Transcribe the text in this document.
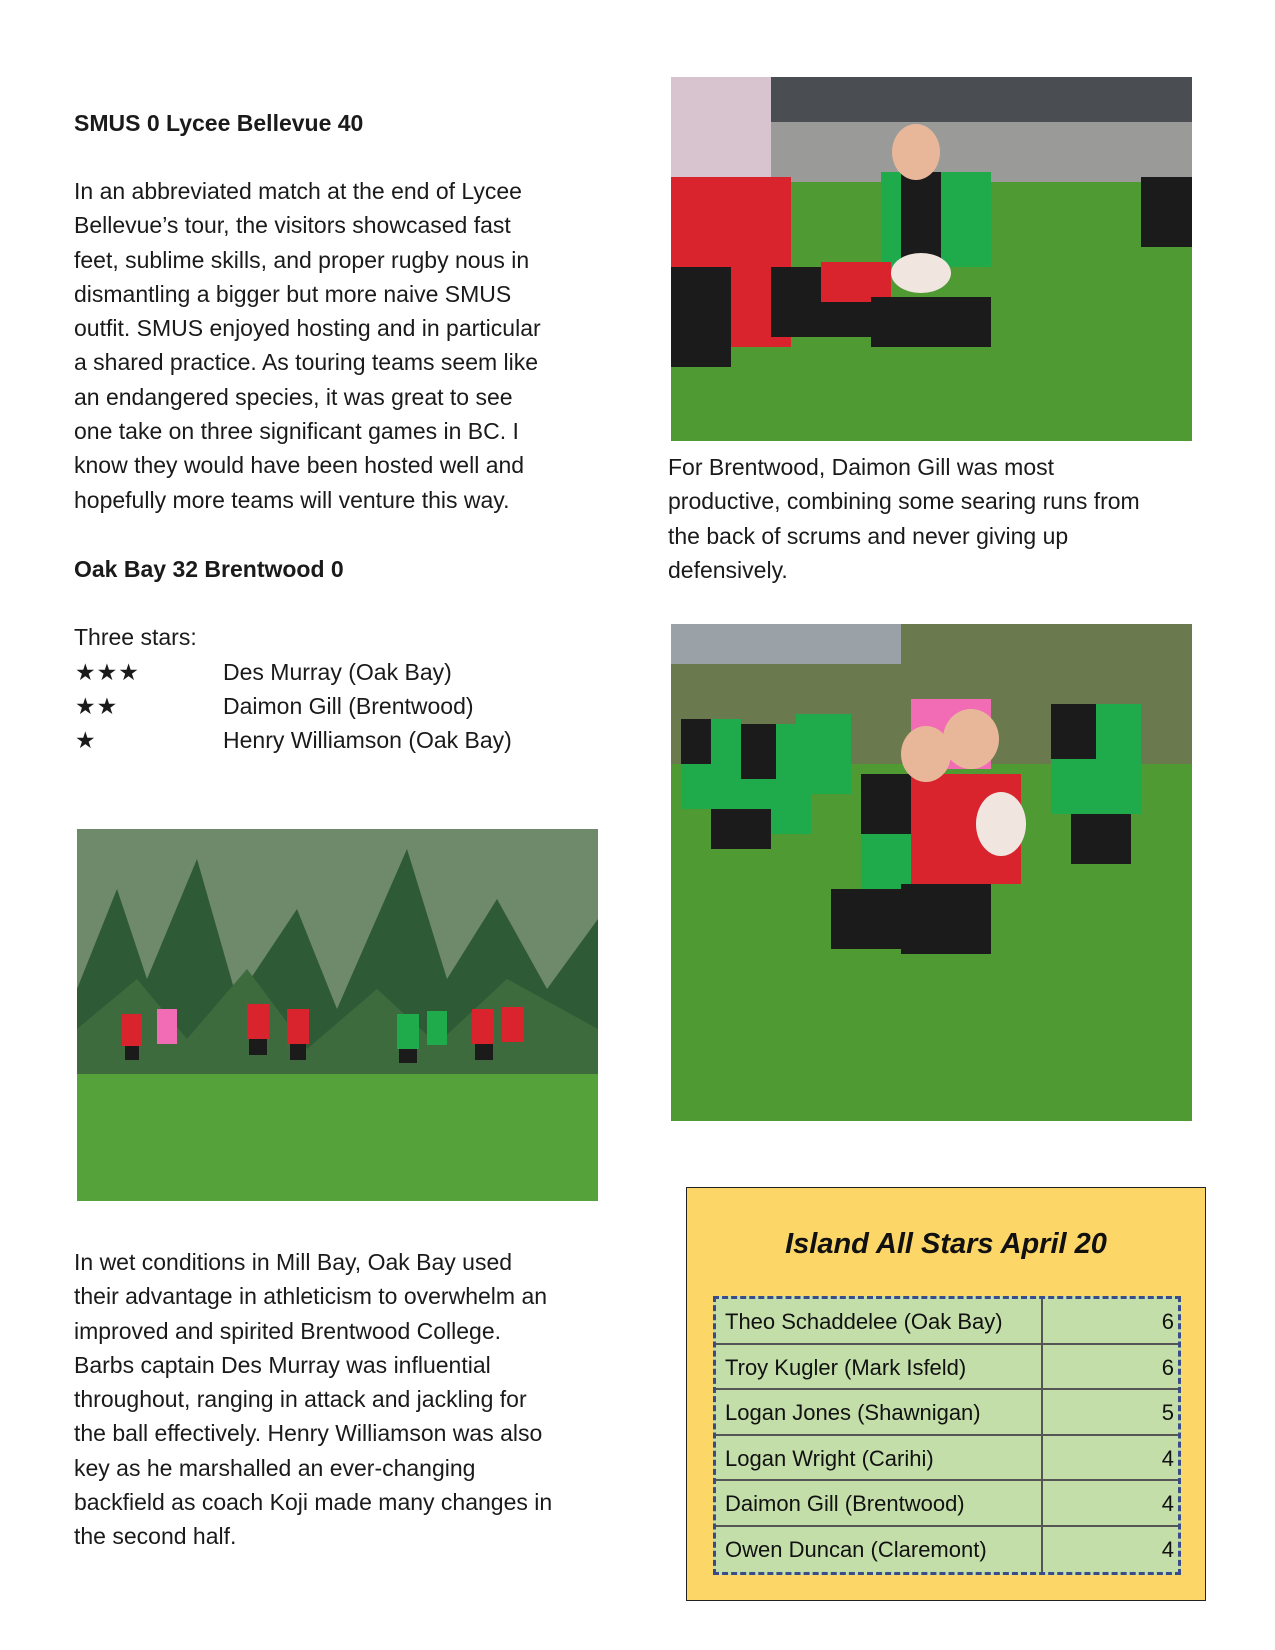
SMUS 0 Lycee Bellevue 40
In an abbreviated match at the end of Lycee
Bellevue’s tour, the visitors showcased fast
feet, sublime skills, and proper rugby nous in
dismantling a bigger but more naive SMUS
outfit. SMUS enjoyed hosting and in particular
a shared practice. As touring teams seem like
an endangered species, it was great to see
one take on three significant games in BC. I
know they would have been hosted well and
hopefully more teams will venture this way.
Oak Bay 32 Brentwood 0
Three stars:
★★★	Des Murray (Oak Bay)
★★	Daimon Gill (Brentwood)
★	Henry Williamson (Oak Bay)
In wet conditions in Mill Bay, Oak Bay used
their advantage in athleticism to overwhelm an
improved and spirited Brentwood College.
Barbs captain Des Murray was influential
throughout, ranging in attack and jackling for
the ball effectively. Henry Williamson was also
key as he marshalled an ever-changing
backfield as coach Koji made many changes in
the second half.
For Brentwood, Daimon Gill was most
productive, combining some searing runs from
the back of scrums and never giving up
defensively.
Island All Stars April 20
Theo Schaddelee (Oak Bay)	6
Troy Kugler (Mark Isfeld)	6
Logan Jones (Shawnigan)	5
Logan Wright (Carihi)	4
Daimon Gill (Brentwood)	4
Owen Duncan (Claremont)	4
